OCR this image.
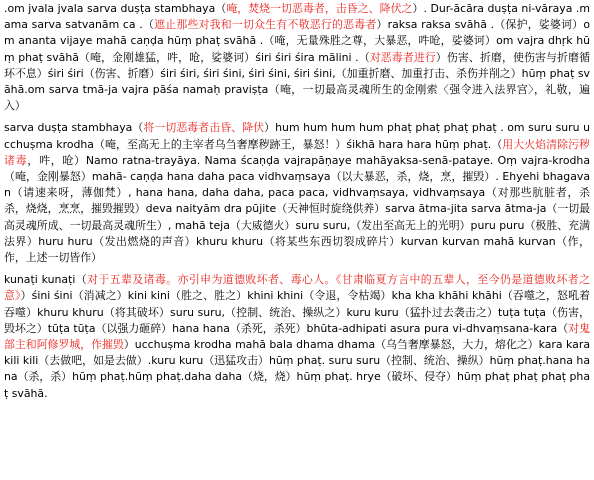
.om jvala jvala sarva duṣṭa stambhaya（唵，焚烧一切恶毒者，击昏之、降伏之）. Dur-ācāra duṣṭa ni-vāraya .mama sarva satvanām ca .（遮止那些对我和一切众生有不敬恶行的恶毒者）raksa raksa svāhā .（保护，娑婆诃）om ananta vijaye mahā caṇḍa hūṃ phaṭ svāhā .（唵，无量殊胜之尊，大暴恶，吽呛，娑婆诃）om vajra dhṛk hūṃ phaṭ svāhā（唵，金刚雄猛，吽，呛，娑婆诃）śiri śiri śira mālini .（对恶毒者进行）伤害、折磨，使伤害与折磨循环不息）śiri śiri（伤害、折磨）śiri śiri, śiri śini, śiri śini, śiri śini,（加重折磨、加重打击、杀伤并削之）hūṃ phaṭ svāhā.om sarva tmā-ja vajra pāśa namaḥ praviṣṭa（唵，一切最高灵魂所生的金刚索〈强令进入法界宫〉，礼敬，遍入）

sarva duṣṭa stambhaya（将一切恶毒者击昏、降伏）hum hum hum hum phaṭ phaṭ phaṭ phaṭ . om suru suru ucchuṣma krodha（唵，至高无上的主宰者乌刍奢摩秽跡王，暴怒！）śikhā hara hara hūṃ phaṭ.（用大火焰清除污秽诸毒，吽，呛）Namo ratna-trayāya. Nama ścaṇḍa vajrapāṇaye mahāyaksa-senā-pataye. Oṃ vajra-krodha（唵，金刚暴怒）mahā- caṇḍa hana daha paca vidhvaṃsaya（以大暴恶，杀，烧，烹，摧毁）. Ehyehi bhagavan（请速来呀，薄伽梵）, hana hana, daha daha, paca paca, vidhvaṃsaya, vidhvaṃsaya（对那些肮脏者，杀杀，烧烧，烹烹，摧毁摧毁）deva naityām dra pūjite（天神恒时旋绕供养）sarva ātma-jita sarva ātma-ja（一切最高灵魂所成、一切最高灵魂所生）, mahā teja（大威德火）suru suru,（发出至高无上的光明）puru puru（极胜、充满法界）huru huru（发出燃烧的声音）khuru khuru（将某些东西切裂成碎片）kurvan kurvan mahā kurvan（作，作，上述一切皆作）

kunaṭi kunaṭi（对于五辈及诸毒。亦引申为道德败坏者、毒心人。《甘肃临夏方言中的五辈人，至今仍是道德败坏者之意》）śini śini（消减之）kini kini（胜之、胜之）khini khini（令退，令枯竭）kha kha khāhi khāhi（吞噬之，怒吼着吞噬）khuru khuru（将其破坏）suru suru,（控制、统治、操纵之）kuru kuru（猛扑过去袭击之）tuṭa tuṭa（伤害，毁坏之）tūṭa tūṭa（以强力砸碎）hana hana（杀死，杀死）bhūta-adhipati asura pura vi-dhvaṃsana-kara（对鬼部主和阿修罗城，作摧毁）ucchuṣma krodha mahā bala dhama dhama（乌刍奢摩暴怒，大力，熔化之）kara kara kili kili（去做吧，如是去做）.kuru kuru（迅猛攻击）hūṃ phaṭ. suru suru（控制、统治、操纵）hūṃ phaṭ.hana hana（杀，杀）hūṃ phaṭ.hūṃ phaṭ.daha daha（烧，烧）hūṃ phaṭ. hrye（破坏、侵夺）hūṃ phaṭ phaṭ phaṭ phaṭ svāhā.
